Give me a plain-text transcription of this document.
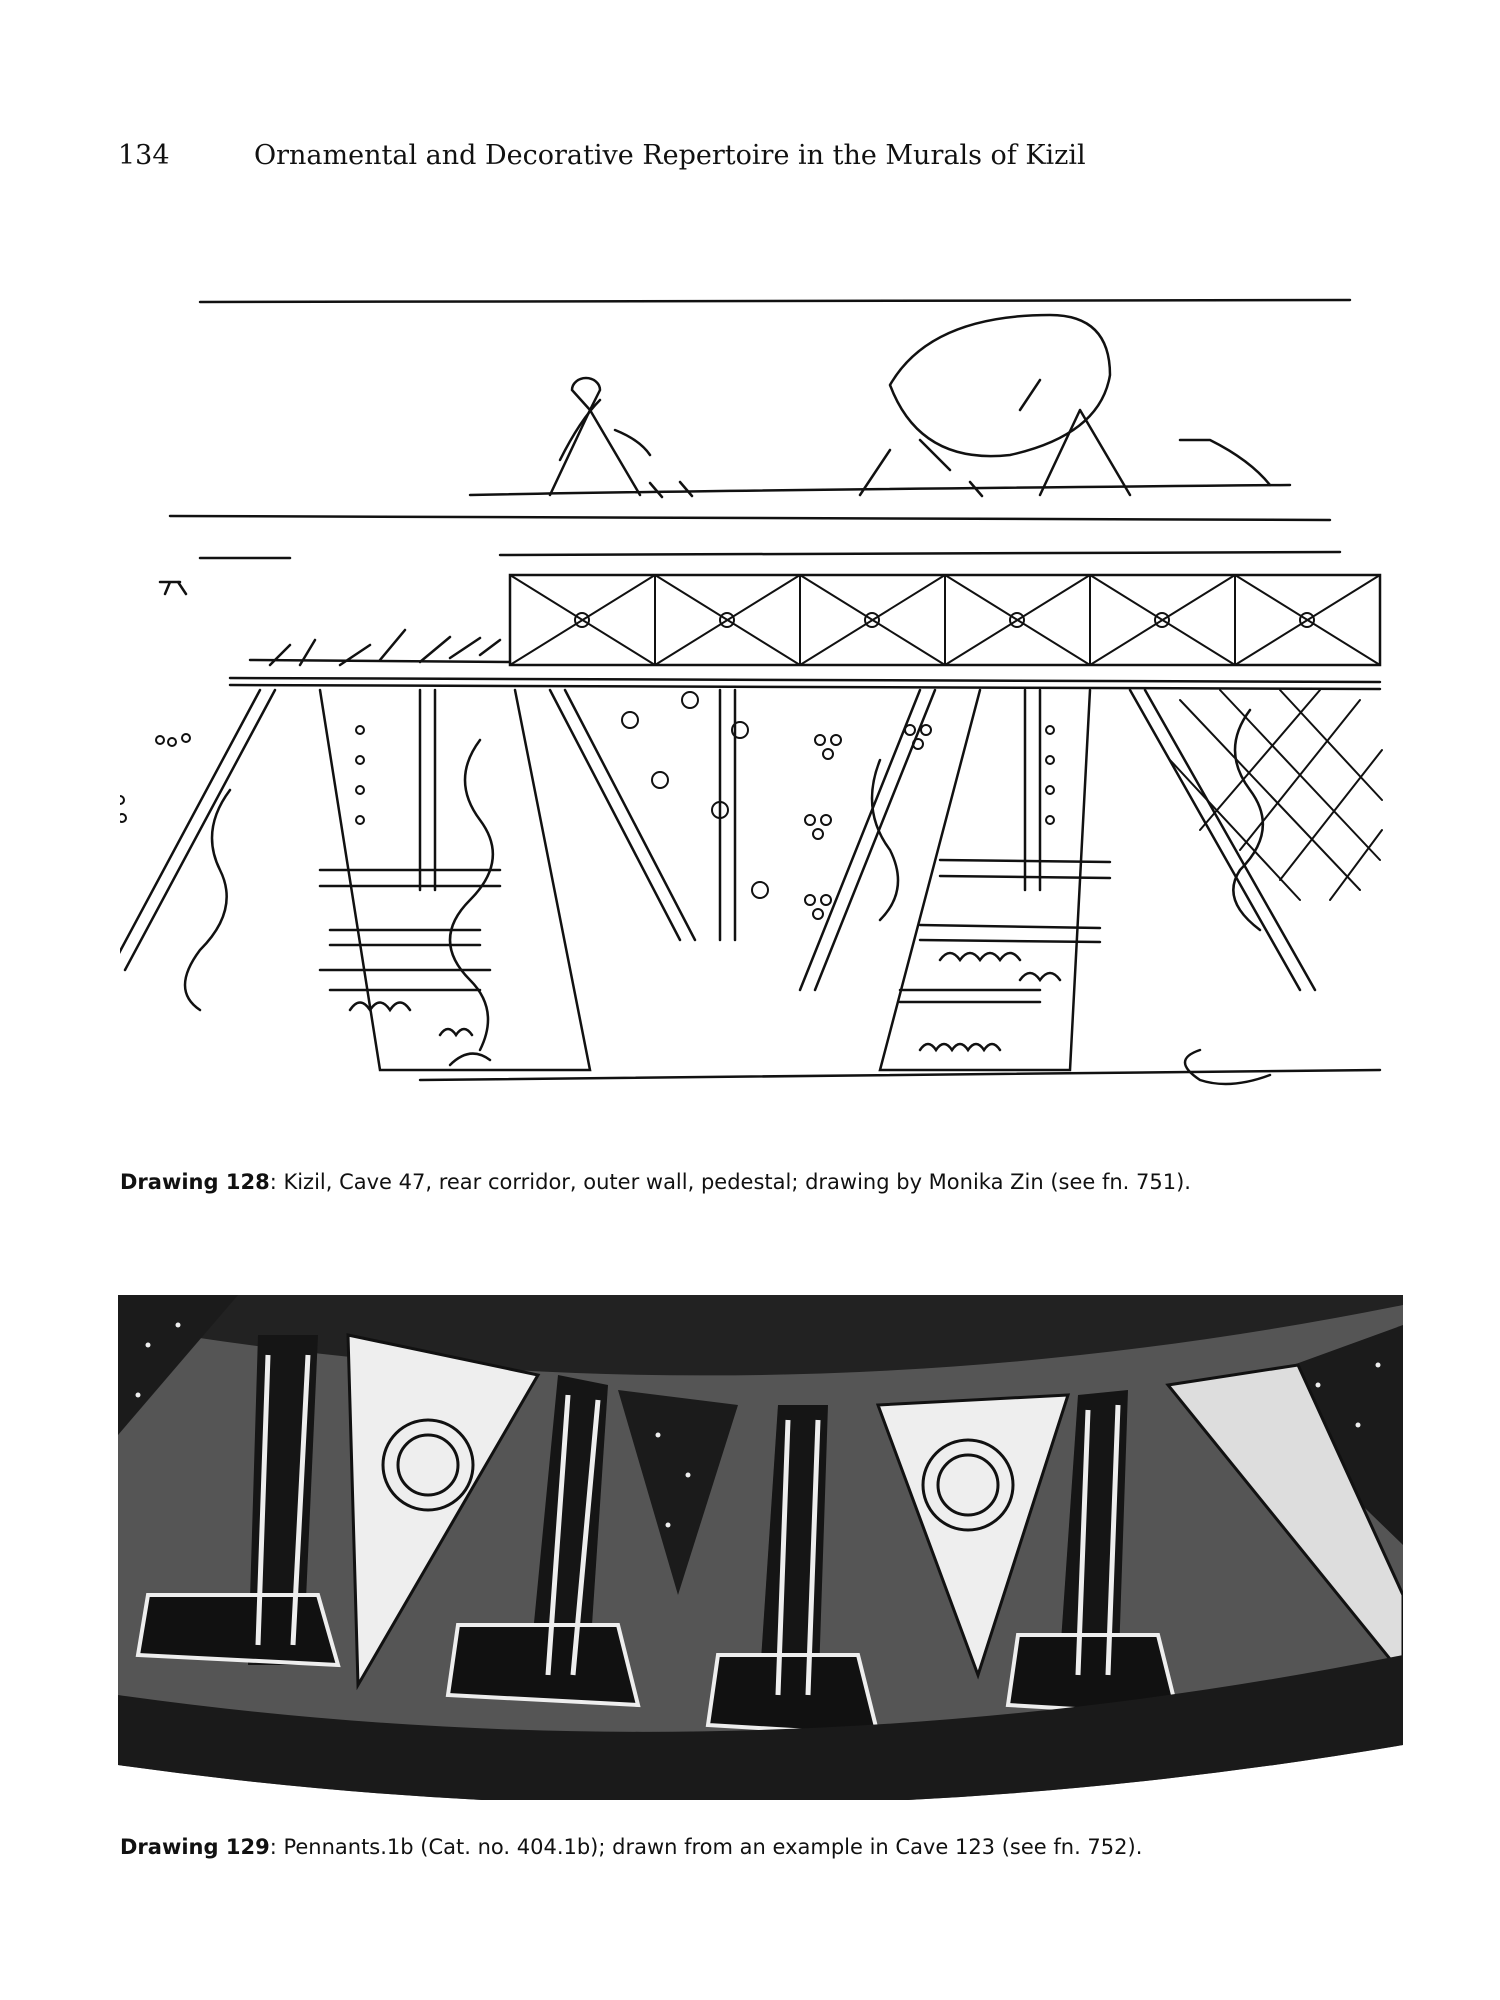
134	Ornamental and Decorative Repertoire in the Murals of Kizil
Drawing 128: Kizil, Cave 47, rear corridor, outer wall, pedestal; drawing by Monika Zin (see fn. 751).
Drawing 129: Pennants.1b (Cat. no. 404.1b); drawn from an example in Cave 123 (see fn. 752).
